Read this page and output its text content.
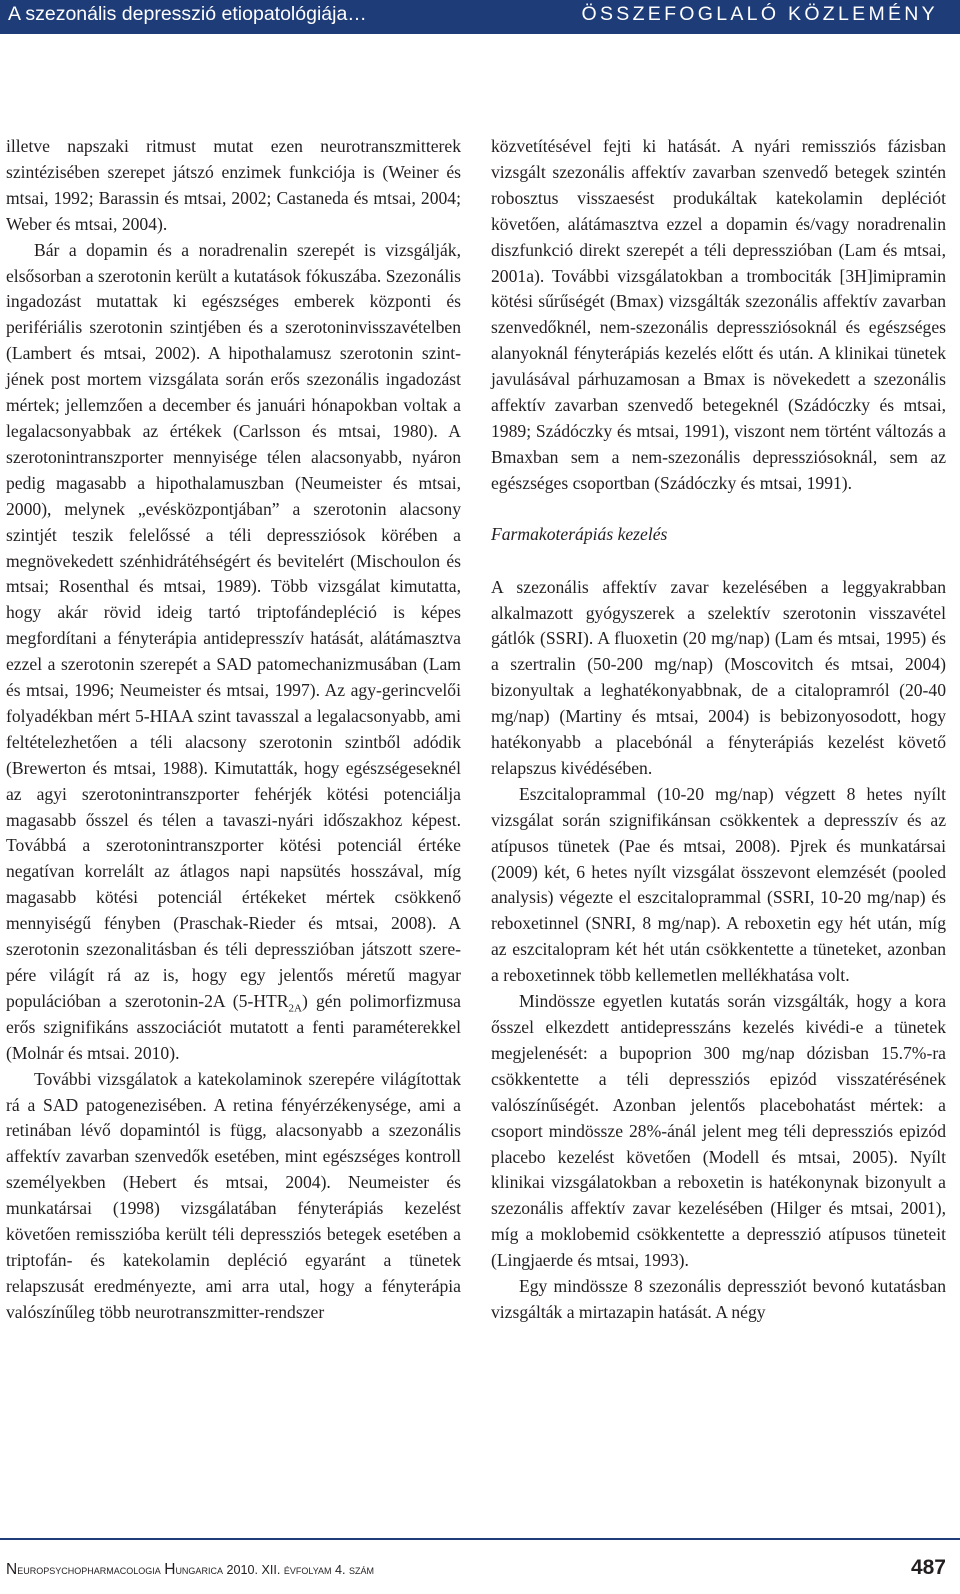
A szezonális depresszió etiopatológiája…	ÖSSZEFOGLALÓ KÖZLEMÉNY

illetve napszaki ritmust mutat ezen neurotranszmitterek szintézisében szerepet játszó enzimek funkciója is (Weiner és mtsai, 1992; Barassin és mtsai, 2002; Castaneda és mtsai, 2004; Weber és mtsai, 2004).

Bár a dopamin és a noradrenalin szerepét is vizsgálják, elsősorban a szerotonin került a kutatások fókuszába. Szezonális ingadozást mutattak ki egészséges emberek központi és perifériális szerotonin szintjében és a szerotoninvisszavételben (Lambert és mtsai, 2002). A hipothalamusz szerotonin szintjének post mortem vizsgálata során erős szezonális ingadozást mértek; jellemzően a december és januári hónapokban voltak a legalacsonyabbak az értékek (Carlsson és mtsai, 1980). A szerotonintranszporter mennyisége télen alacsonyabb, nyáron pedig magasabb a hipothalamuszban (Neumeister és mtsai, 2000), melynek „evésközpontjában” a szerotonin alacsony szintjét teszik felelőssé a téli depressziósok körében a megnövekedett szénhidrátéhségért és bevitelért (Mischoulon és mtsai; Rosenthal és mtsai, 1989). Több vizsgálat kimutatta, hogy akár rövid ideig tartó triptofándepléció is képes megfordítani a fényterápia antidepresszív hatását, alátámasztva ezzel a szerotonin szerepét a SAD patomechanizmusában (Lam és mtsai, 1996; Neumeister és mtsai, 1997). Az agy-gerincvelői folyadékban mért 5-HIAA szint tavasszal a legalacsonyabb, ami feltételezhetően a téli alacsony szerotonin szintből adódik (Brewerton és mtsai, 1988). Kimutatták, hogy egészségeseknél az agyi szerotonintranszporter fehérjék kötési potenciálja magasabb ősszel és télen a tavaszi-nyári időszakhoz képest. Továbbá a szerotonintranszporter kötési potenciál értéke negatívan korrelált az átlagos napi napsütés hosszával, míg magasabb kötési potenciál értékeket mértek csökkenő mennyiségű fényben (Praschak-Rieder és mtsai, 2008). A szerotonin szezonalitásban és téli depresszióban játszott szerepére világít rá az is, hogy egy jelentős méretű magyar populációban a szerotonin-2A $(5-HTR_{2A})$ gén polimorfizmusa erős szignifikáns asszociációt mutatott a fenti paraméterekkel (Molnár és mtsai. 2010).

További vizsgálatok a katekolaminok szerepére világítottak rá a SAD patogenezisében. A retina fényérzékenysége, ami a retinában lévő dopamintól is függ, alacsonyabb a szezonális affektív zavarban szenvedők esetében, mint egészséges kontroll személyekben (Hebert és mtsai, 2004). Neumeister és munkatársai (1998) vizsgálatában fényterápiás kezelést követően remisszióba került téli depressziós betegek esetében a triptofán- és katekolamin depléció egyaránt a tünetek relapszusát eredményezte, ami arra utal, hogy a fényterápia valószínűleg több neurotranszmitter-rendszer

közvetítésével fejti ki hatását. A nyári remissziós fázisban vizsgált szezonális affektív zavarban szenvedő betegek szintén robosztus visszaesést produkáltak katekolamin depléciót követően, alátámasztva ezzel a dopamin és/vagy noradrenalin diszfunkció direkt szerepét a téli depresszióban (Lam és mtsai, 2001a). További vizsgálatokban a trombociták [3H]imipramin kötési sűrűségét (Bmax) vizsgálták szezonális affektív zavarban szenvedőknél, nem-szezonális depressziósoknál és egészséges alanyoknál fényterápiás kezelés előtt és után. A klinikai tünetek javulásával párhuzamosan a Bmax is növekedett a szezonális affektív zavarban szenvedő betegeknél (Szádóczky és mtsai, 1989; Szádóczky és mtsai, 1991), viszont nem történt változás a Bmaxban sem a nem-szezonális depressziósoknál, sem az egészséges csoportban (Szádóczky és mtsai, 1991).

Farmakoterápiás kezelés

A szezonális affektív zavar kezelésében a leggyakrabban alkalmazott gyógyszerek a szelektív szerotonin visszavétel gátlók (SSRI). A fluoxetin (20 mg/nap) (Lam és mtsai, 1995) és a szertralin (50-200 mg/nap) (Moscovitch és mtsai, 2004) bizonyultak a leghatékonyabbnak, de a citalopramról (20-40 mg/nap) (Martiny és mtsai, 2004) is bebizonyosodott, hogy hatékonyabb a placebónál a fényterápiás kezelést követő relapszus kivédésében.

Eszcitaloprammal (10-20 mg/nap) végzett 8 hetes nyílt vizsgálat során szignifikánsan csökkentek a depresszív és az atípusos tünetek (Pae és mtsai, 2008). Pjrek és munkatársai (2009) két, 6 hetes nyílt vizsgálat összevont elemzését (pooled analysis) végezte el eszcitaloprammal (SSRI, 10-20 mg/nap) és reboxetinnel (SNRI, 8 mg/nap). A reboxetin egy hét után, míg az eszcitalopram két hét után csökkentette a tüneteket, azonban a reboxetinnek több kellemetlen mellékhatása volt.

Mindössze egyetlen kutatás során vizsgálták, hogy a kora ősszel elkezdett antidepresszáns kezelés kivédi-e a tünetek megjelenését: a bupoprion 300 mg/nap dózisban 15.7%-ra csökkentette a téli depressziós epizód visszatérésének valószínűségét. Azonban jelentős placebohatást mértek: a csoport mindössze 28%-ánál jelent meg téli depressziós epizód placebo kezelést követően (Modell és mtsai, 2005). Nyílt klinikai vizsgálatokban a reboxetin is hatékonynak bizonyult a szezonális affektív zavar kezelésében (Hilger és mtsai, 2001), míg a moklobemid csökkentette a depresszió atípusos tüneteit (Lingjaerde és mtsai, 1993).

Egy mindössze 8 szezonális depressziót bevonó kutatásban vizsgálták a mirtazapin hatását. A négy

Neuropsychopharmacologia Hungarica 2010. XII. évfolyam 4. szám	487
